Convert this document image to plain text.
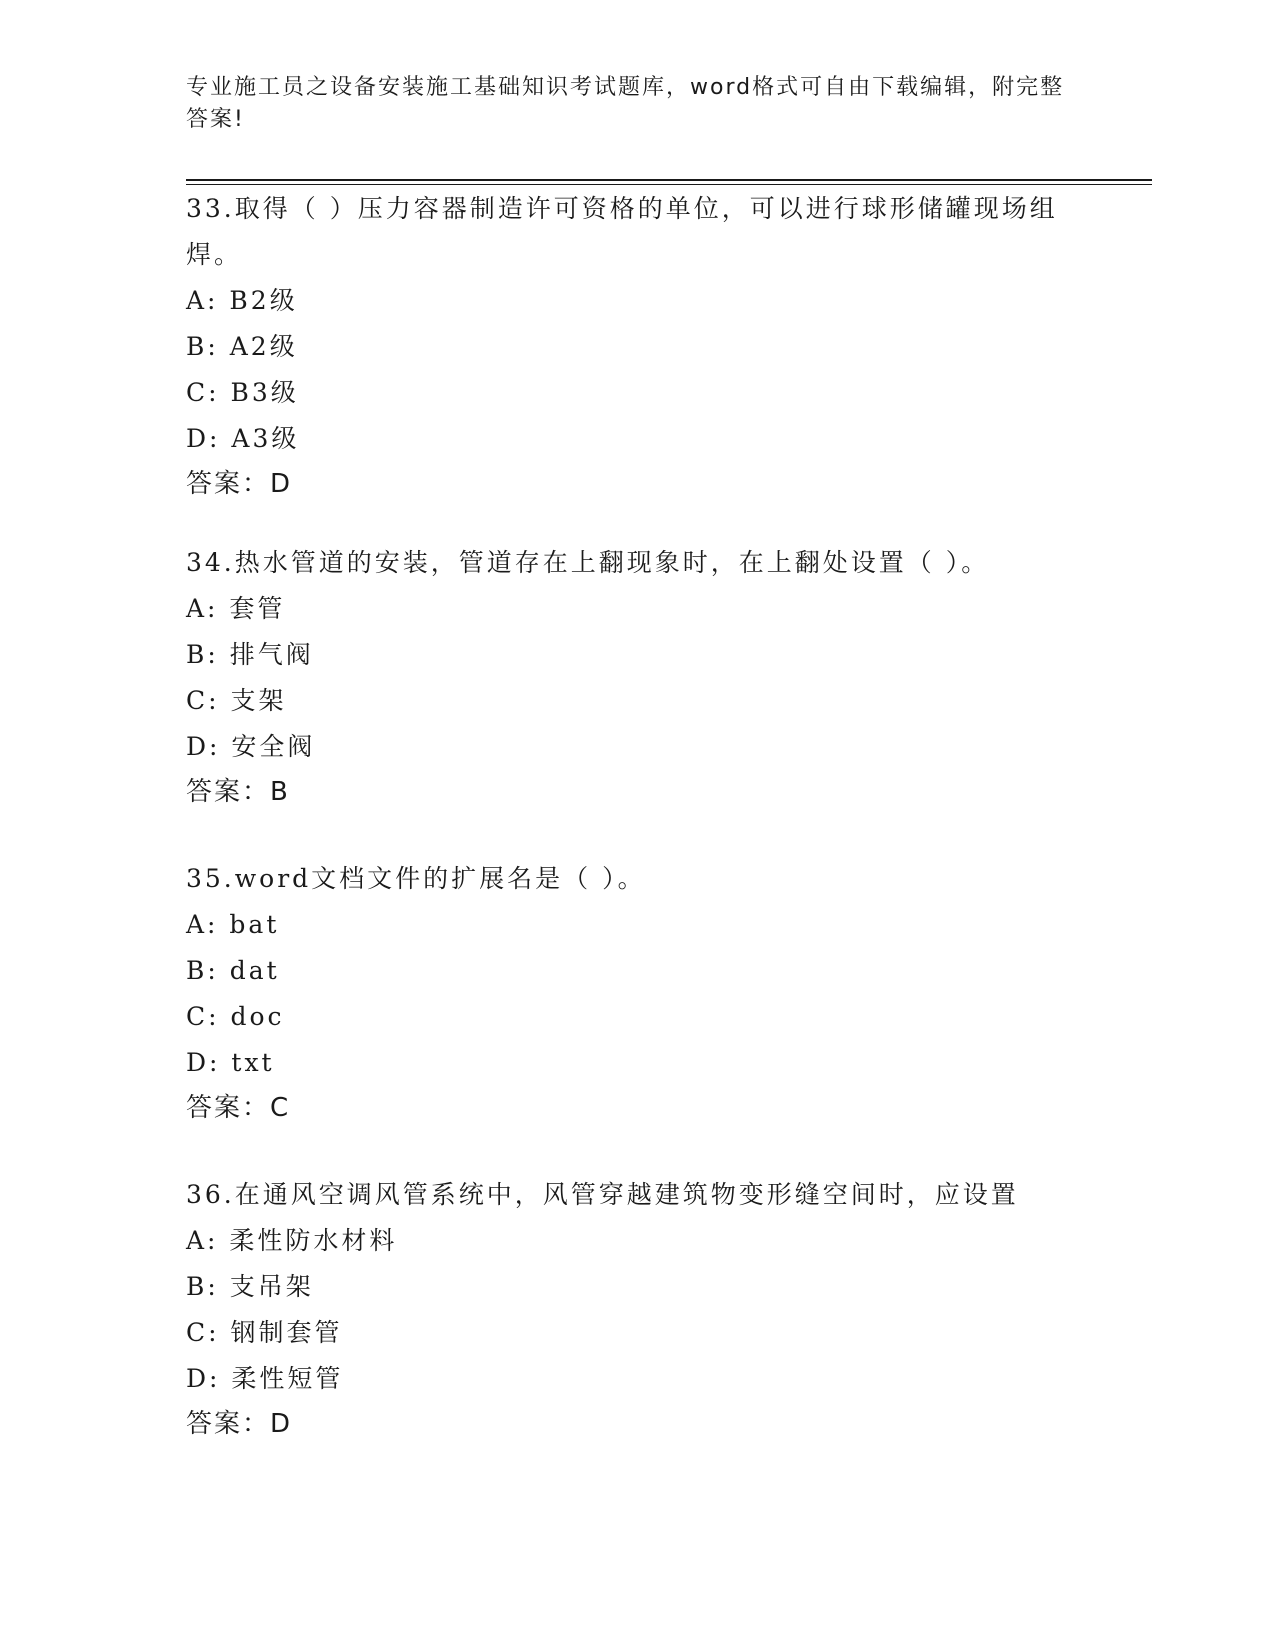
专业施工员之设备安装施工基础知识考试题库，word格式可自由下载编辑，附完整答案!

33.取得（ ）压力容器制造许可资格的单位，可以进行球形储罐现场组焊。

A: B2级

B: A2级

C: B3级

D: A3级

答案：D

34.热水管道的安装，管道存在上翻现象时，在上翻处设置（ ）。

A: 套管

B: 排气阀

C: 支架

D: 安全阀

答案：B

35.word文档文件的扩展名是（ ）。

A: bat

B: dat

C: doc

D: txt

答案：C

36.在通风空调风管系统中，风管穿越建筑物变形缝空间时，应设置

A: 柔性防水材料

B: 支吊架

C: 钢制套管

D: 柔性短管

答案：D
